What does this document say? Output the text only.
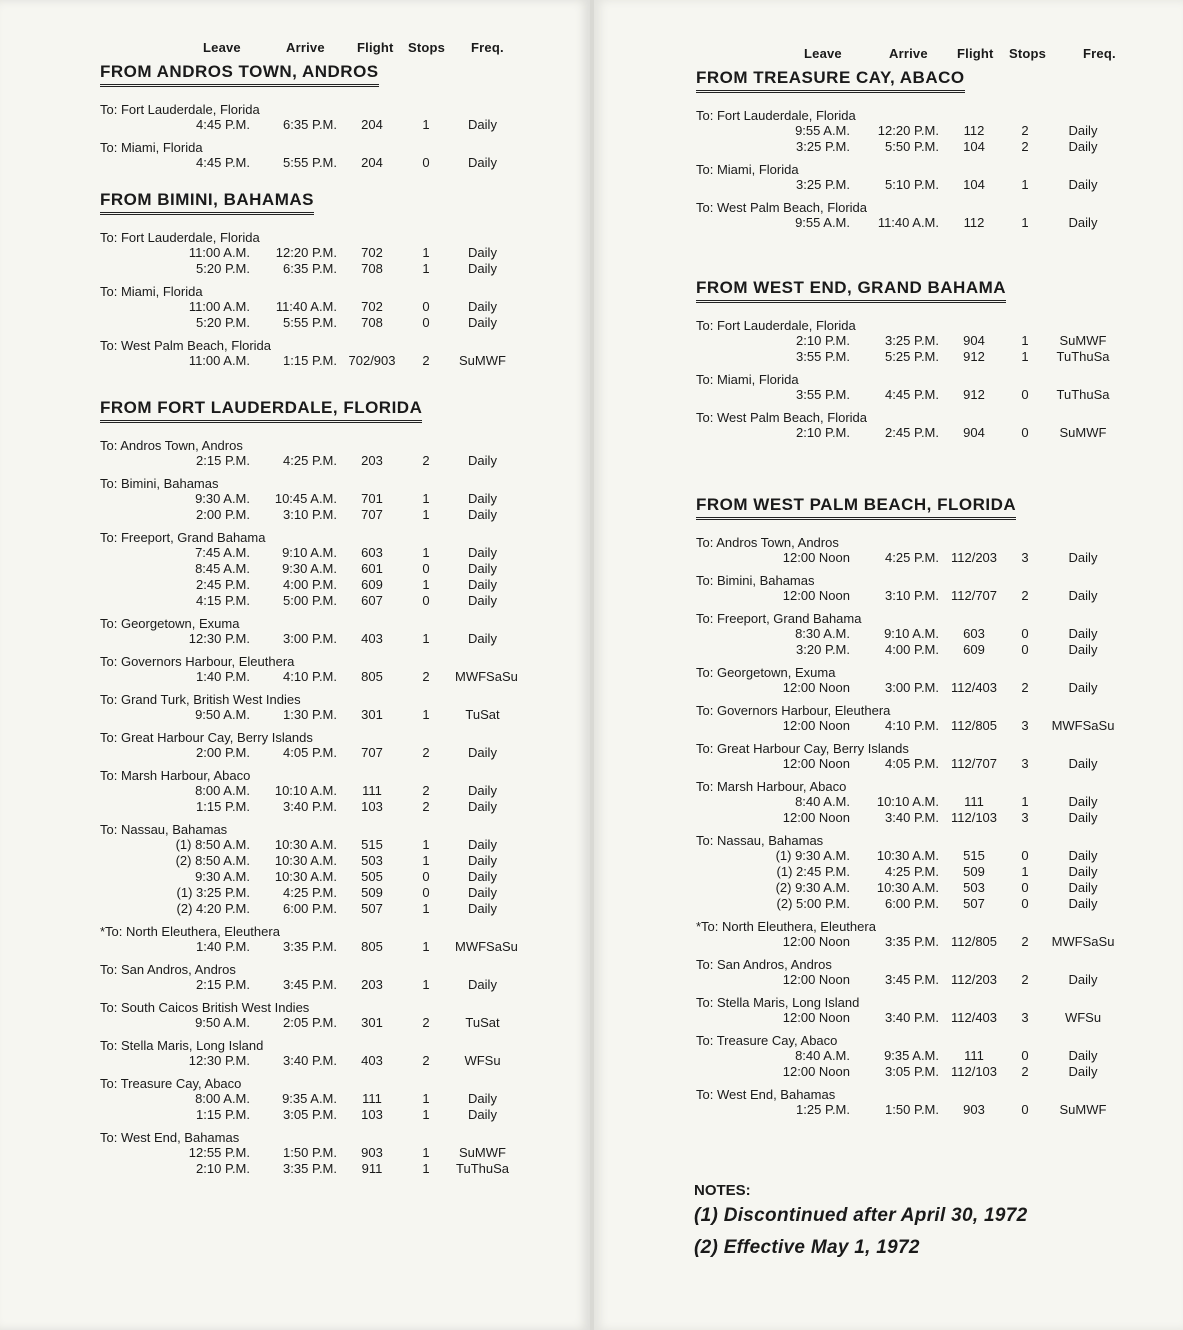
Leave	Arrive Flight Stops Freq.
FROM ANDROS TOWN, ANDROS
To: Fort Lauderdale, Florida
4:45 P.M.	6:35 P.M.	204	1	Daily
To: Miami, Florida
4:45 P.M.	5:55 P.M.	204	0	Daily
FROM BIMINI, BAHAMAS
To: Fort Lauderdale, Florida
11:00 A.M.	12:20 P.M.	702	1	Daily
5:20 P.M.	6:35 P.M.	708	1	Daily
To: Miami, Florida
11:00 A.M.	11:40 A.M.	702	0	Daily
5:20 P.M.	5:55 P.M.	708	0	Daily
To: West Palm Beach, Florida
11:00 A.M.	1:15 P.M. 702/903	2	SuMWF
FROM FORT LAUDERDALE, FLORIDA
To: Andros Town, Andros
2:15 P.M.	4:25 P.M.	203	2	Daily
To: Bimini, Bahamas
9:30 A.M.	10:45 A.M.	701	1	Daily
2:00 P.M.	3:10 P.M.	707	1	Daily
To: Freeport, Grand Bahama
7:45 A.M.	9:10 A.M.	603	1	Daily
8:45 A.M.	9:30 A.M.	601	0	Daily
2:45 P.M.	4:00 P.M.	609	1	Daily
4:15 P.M.	5:00 P.M.	607	0	Daily
To: Georgetown, Exuma
12:30 P.M.	3:00 P.M.	403	1	Daily
To: Governors Harbour, Eleuthera
1:40 P.M.	4:10 P.M.	805	2	MWFSaSu
To: Grand Turk, British West Indies
9:50 A.M.	1:30 P.M.	301	1	TuSat
To: Great Harbour Cay, Berry Islands
2:00 P.M.	4:05 P.M.	707	2	Daily
To: Marsh Harbour, Abaco
8:00 A.M.	10:10 A.M.	111	2	Daily
1:15 P.M.	3:40 P.M.	103	2	Daily
To: Nassau, Bahamas
(1) 8:50 A.M.	10:30 A.M.	515	1	Daily
(2) 8:50 A.M.	10:30 A.M.	503	1	Daily
9:30 A.M.	10:30 A.M.	505	0	Daily
(1) 3:25 P.M.	4:25 P.M.	509	0	Daily
(2) 4:20 P.M.	6:00 P.M.	507	1	Daily
*To: North Eleuthera, Eleuthera
1:40 P.M.	3:35 P.M.	805	1	MWFSaSu
To: San Andros, Andros
2:15 P.M.	3:45 P.M.	203	1	Daily
To: South Caicos British West Indies
9:50 A.M.	2:05 P.M.	301	2	TuSat
To: Stella Maris, Long Island
12:30 P.M.	3:40 P.M.	403	2	WFSu
To: Treasure Cay, Abaco
8:00 A.M.	9:35 A.M.	111	1	Daily
1:15 P.M.	3:05 P.M.	103	1	Daily
To: West End, Bahamas
12:55 P.M.	1:50 P.M.	903	1	SuMWF
2:10 P.M.	3:35 P.M.	911	1	TuThuSa
Leave	Arrive Flight Stops	Freq.
FROM TREASURE CAY, ABACO
To: Fort Lauderdale, Florida
9:55 A.M.	12:20 P.M.	112	2	Daily
3:25 P.M.	5:50 P.M.	104	2	Daily
To: Miami, Florida
3:25 P.M.	5:10 P.M.	104	1	Daily
To: West Palm Beach, Florida
9:55 A.M.	11:40 A.M.	112	1	Daily
FROM WEST END, GRAND BAHAMA
To: Fort Lauderdale, Florida
2:10 P.M.	3:25 P.M.	904	1	SuMWF
3:55 P.M.	5:25 P.M.	912	1	TuThuSa
To: Miami, Florida
3:55 P.M.	4:45 P.M.	912	0	TuThuSa
To: West Palm Beach, Florida
2:10 P.M.	2:45 P.M.	904	0	SuMWF
FROM WEST PALM BEACH, FLORIDA
To: Andros Town, Andros
12:00 Noon	4:25 P.M. 112/203	3	Daily
To: Bimini, Bahamas
12:00 Noon	3:10 P.M. 112/707	2	Daily
To: Freeport, Grand Bahama
8:30 A.M.	9:10 A.M.	603	0	Daily
3:20 P.M.	4:00 P.M.	609	0	Daily
To: Georgetown, Exuma
12:00 Noon	3:00 P.M. 112/403	2	Daily
To: Governors Harbour, Eleuthera
12:00 Noon	4:10 P.M. 112/805	3	MWFSaSu
To: Great Harbour Cay, Berry Islands
12:00 Noon	4:05 P.M. 112/707	3	Daily
To: Marsh Harbour, Abaco
8:40 A.M.	10:10 A.M.	111	1	Daily
12:00 Noon	3:40 P.M. 112/103	3	Daily
To: Nassau, Bahamas
(1) 9:30 A.M.	10:30 A.M.	515	0	Daily
(1) 2:45 P.M.	4:25 P.M.	509	1	Daily
(2) 9:30 A.M.	10:30 A.M.	503	0	Daily
(2) 5:00 P.M.	6:00 P.M.	507	0	Daily
*To: North Eleuthera, Eleuthera
12:00 Noon	3:35 P.M. 112/805	2	MWFSaSu
To: San Andros, Andros
12:00 Noon	3:45 P.M. 112/203	2	Daily
To: Stella Maris, Long Island
12:00 Noon	3:40 P.M. 112/403	3	WFSu
To: Treasure Cay, Abaco
8:40 A.M.	9:35 A.M.	111	0	Daily
12:00 Noon	3:05 P.M. 112/103	2	Daily
To: West End, Bahamas
1:25 P.M.	1:50 P.M.	903	0	SuMWF
NOTES:
(1) Discontinued after April 30, 1972
(2) Effective May 1, 1972
